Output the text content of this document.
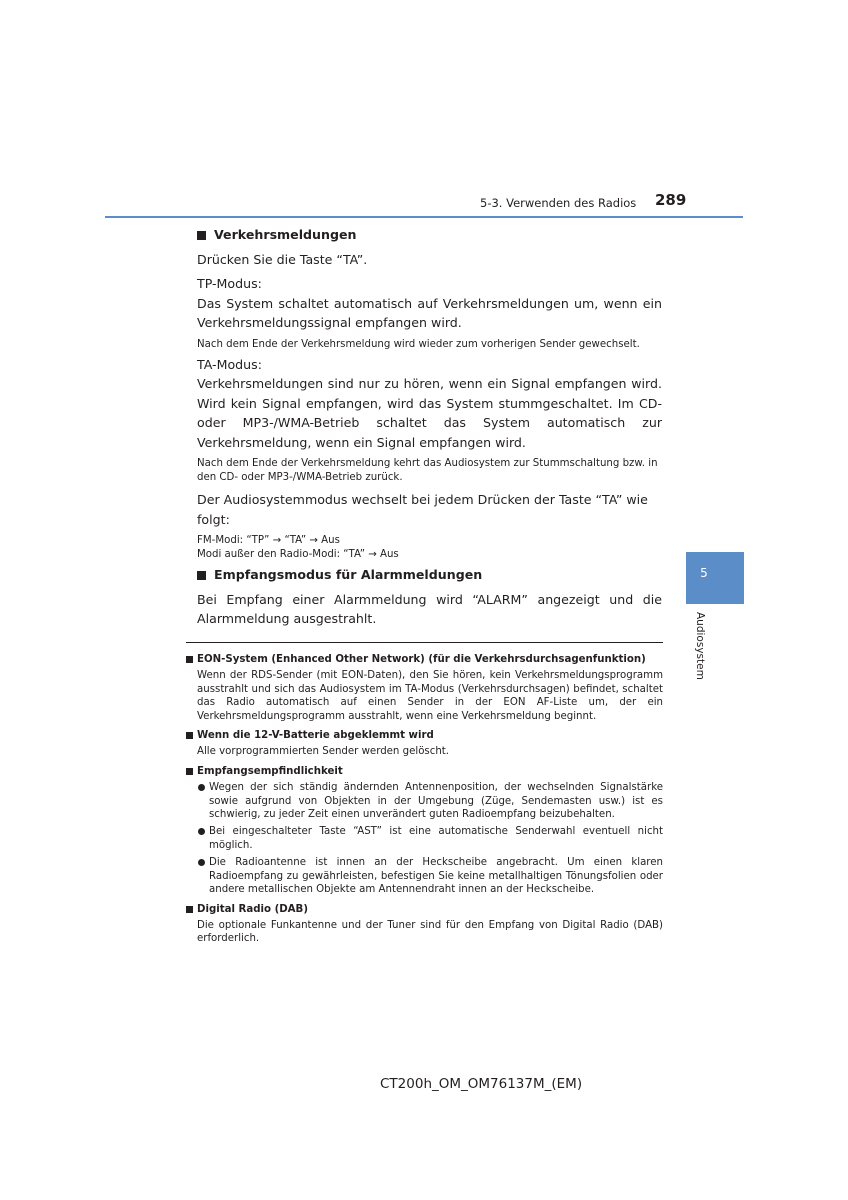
5-3. Verwenden des Radios 289

Verkehrsmeldungen

Drücken Sie die Taste “TA”.

TP-Modus:

Das System schaltet automatisch auf Verkehrsmeldungen um, wenn ein Verkehrsmeldungssignal empfangen wird.

Nach dem Ende der Verkehrsmeldung wird wieder zum vorherigen Sender gewechselt.

TA-Modus:

Verkehrsmeldungen sind nur zu hören, wenn ein Signal empfangen wird. Wird kein Signal empfangen, wird das System stummgeschaltet. Im CD- oder MP3-/WMA-Betrieb schaltet das System automatisch zur Verkehrsmeldung, wenn ein Signal empfangen wird.

Nach dem Ende der Verkehrsmeldung kehrt das Audiosystem zur Stummschaltung bzw. in den CD- oder MP3-/WMA-Betrieb zurück.

Der Audiosystemmodus wechselt bei jedem Drücken der Taste “TA” wie folgt:

FM-Modi: “TP” → “TA” → Aus

Modi außer den Radio-Modi: “TA” → Aus

Empfangsmodus für Alarmmeldungen

Bei Empfang einer Alarmmeldung wird “ALARM” angezeigt und die Alarmmeldung ausgestrahlt.

5
Audiosystem
EON-System (Enhanced Other Network) (für die Verkehrsdurchsagenfunktion)
Wenn der RDS-Sender (mit EON-Daten), den Sie hören, kein Verkehrsmeldungsprogramm ausstrahlt und sich das Audiosystem im TA-Modus (Verkehrsdurchsagen) befindet, schaltet das Radio automatisch auf einen Sender in der EON AF-Liste um, der ein Verkehrsmeldungsprogramm ausstrahlt, wenn eine Verkehrsmeldung beginnt.
Wenn die 12-V-Batterie abgeklemmt wird
Alle vorprogrammierten Sender werden gelöscht.
Empfangsempfindlichkeit
Wegen der sich ständig ändernden Antennenposition, der wechselnden Signalstärke sowie aufgrund von Objekten in der Umgebung (Züge, Sendemasten usw.) ist es schwierig, zu jeder Zeit einen unverändert guten Radioempfang beizubehalten.
Bei eingeschalteter Taste “AST” ist eine automatische Senderwahl eventuell nicht möglich.
Die Radioantenne ist innen an der Heckscheibe angebracht. Um einen klaren Radioempfang zu gewährleisten, befestigen Sie keine metallhaltigen Tönungsfolien oder andere metallischen Objekte am Antennendraht innen an der Heckscheibe.
Digital Radio (DAB)
Die optionale Funkantenne und der Tuner sind für den Empfang von Digital Radio (DAB) erforderlich.
CT200h_OM_OM76137M_(EM)
